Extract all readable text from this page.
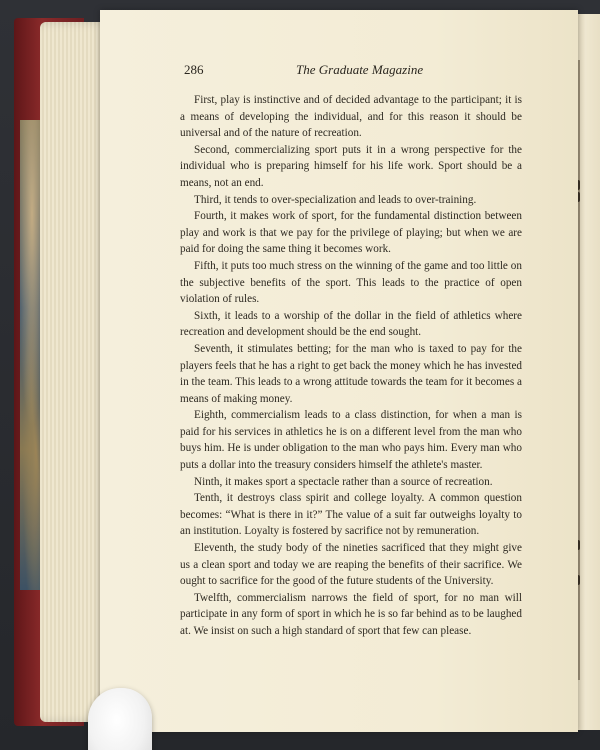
286	The Graduate Magazine

First, play is instinctive and of decided advantage to the participant; it is a means of developing the individual, and for this reason it should be universal and of the nature of recreation.

Second, commercializing sport puts it in a wrong perspective for the individual who is preparing himself for his life work. Sport should be a means, not an end.

Third, it tends to over-specialization and leads to over-training.

Fourth, it makes work of sport, for the fundamental distinction between play and work is that we pay for the privilege of playing; but when we are paid for doing the same thing it becomes work.

Fifth, it puts too much stress on the winning of the game and too little on the subjective benefits of the sport. This leads to the practice of open violation of rules.

Sixth, it leads to a worship of the dollar in the field of athletics where recreation and development should be the end sought.

Seventh, it stimulates betting; for the man who is taxed to pay for the players feels that he has a right to get back the money which he has invested in the team. This leads to a wrong attitude towards the team for it becomes a means of making money.

Eighth, commercialism leads to a class distinction, for when a man is paid for his services in athletics he is on a different level from the man who buys him. He is under obligation to the man who pays him. Every man who puts a dollar into the treasury considers himself the athlete's master.

Ninth, it makes sport a spectacle rather than a source of recreation.

Tenth, it destroys class spirit and college loyalty. A common question becomes: “What is there in it?” The value of a suit far outweighs loyalty to an institution. Loyalty is fostered by sacrifice not by remuneration.

Eleventh, the study body of the nineties sacrificed that they might give us a clean sport and today we are reaping the benefits of their sacrifice. We ought to sacrifice for the good of the future students of the University.

Twelfth, commercialism narrows the field of sport, for no man will participate in any form of sport in which he is so far behind as to be laughed at. We insist on such a high standard of sport that few can please.
